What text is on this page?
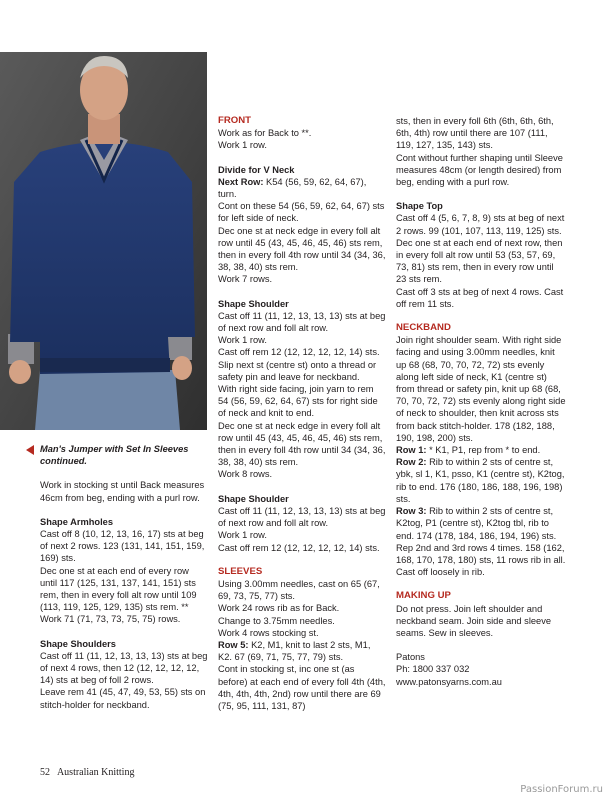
Man's Jumper with Set In Sleeves continued.

Work in stocking st until Back measures 46cm from beg, ending with a purl row.

Shape Armholes

Cast off 8 (10, 12, 13, 16, 17) sts at beg of next 2 rows. 123 (131, 141, 151, 159, 169) sts.

Dec one st at each end of every row until 117 (125, 131, 137, 141, 151) sts rem, then in every foll alt row until 109 (113, 119, 125, 129, 135) sts rem. **

Work 71 (71, 73, 73, 75, 75) rows.

Shape Shoulders

Cast off 11 (11, 12, 13, 13, 13) sts at beg of next 4 rows, then 12 (12, 12, 12, 12, 14) sts at beg of foll 2 rows.

Leave rem 41 (45, 47, 49, 53, 55) sts on stitch-holder for neckband.

FRONT

Work as for Back to **.

Work 1 row.

Divide for V Neck

Next Row: K54 (56, 59, 62, 64, 67), turn.

Cont on these 54 (56, 59, 62, 64, 67) sts for left side of neck.

Dec one st at neck edge in every foll alt row until 45 (43, 45, 46, 45, 46) sts rem, then in every foll 4th row until 34 (34, 36, 38, 38, 40) sts rem.

Work 7 rows.

Shape Shoulder

Cast off 11 (11, 12, 13, 13, 13) sts at beg of next row and foll alt row.

Work 1 row.

Cast off rem 12 (12, 12, 12, 12, 14) sts.

Slip next st (centre st) onto a thread or safety pin and leave for neckband.

With right side facing, join yarn to rem 54 (56, 59, 62, 64, 67) sts for right side of neck and knit to end.

Dec one st at neck edge in every foll alt row until 45 (43, 45, 46, 45, 46) sts rem, then in every foll 4th row until 34 (34, 36, 38, 38, 40) sts rem.

Work 8 rows.

Shape Shoulder

Cast off 11 (11, 12, 13, 13, 13) sts at beg of next row and foll alt row.

Work 1 row.

Cast off rem 12 (12, 12, 12, 12, 14) sts.

SLEEVES

Using 3.00mm needles, cast on 65 (67, 69, 73, 75, 77) sts.

Work 24 rows rib as for Back.

Change to 3.75mm needles.

Work 4 rows stocking st.

Row 5: K2, M1, knit to last 2 sts, M1, K2. 67 (69, 71, 75, 77, 79) sts.

Cont in stocking st, inc one st (as before) at each end of every foll 4th (4th, 4th, 4th, 4th, 2nd) row until there are 69 (75, 95, 111, 131, 87)

sts, then in every foll 6th (6th, 6th, 6th, 6th, 4th) row until there are 107 (111, 119, 127, 135, 143) sts.

Cont without further shaping until Sleeve measures 48cm (or length desired) from beg, ending with a purl row.

Shape Top

Cast off 4 (5, 6, 7, 8, 9) sts at beg of next 2 rows. 99 (101, 107, 113, 119, 125) sts.

Dec one st at each end of next row, then in every foll alt row until 53 (53, 57, 69, 73, 81) sts rem, then in every row until 23 sts rem.

Cast off 3 sts at beg of next 4 rows. Cast off rem 11 sts.

NECKBAND

Join right shoulder seam. With right side facing and using 3.00mm needles, knit up 68 (68, 70, 70, 72, 72) sts evenly along left side of neck, K1 (centre st) from thread or safety pin, knit up 68 (68, 70, 70, 72, 72) sts evenly along right side of neck to shoulder, then knit across sts from back stitch-holder. 178 (182, 188, 190, 198, 200) sts.

Row 1: * K1, P1, rep from * to end.

Row 2: Rib to within 2 sts of centre st, ybk, sl 1, K1, psso, K1 (centre st), K2tog, rib to end. 176 (180, 186, 188, 196, 198) sts.

Row 3: Rib to within 2 sts of centre st, K2tog, P1 (centre st), K2tog tbl, rib to end. 174 (178, 184, 186, 194, 196) sts.

Rep 2nd and 3rd rows 4 times. 158 (162, 168, 170, 178, 180) sts, 11 rows rib in all.

Cast off loosely in rib.

MAKING UP

Do not press. Join left shoulder and neckband seam. Join side and sleeve seams. Sew in sleeves.

Patons

Ph: 1800 337 032

www.patonsyarns.com.au

52 Australian Knitting
PassionForum.ru
